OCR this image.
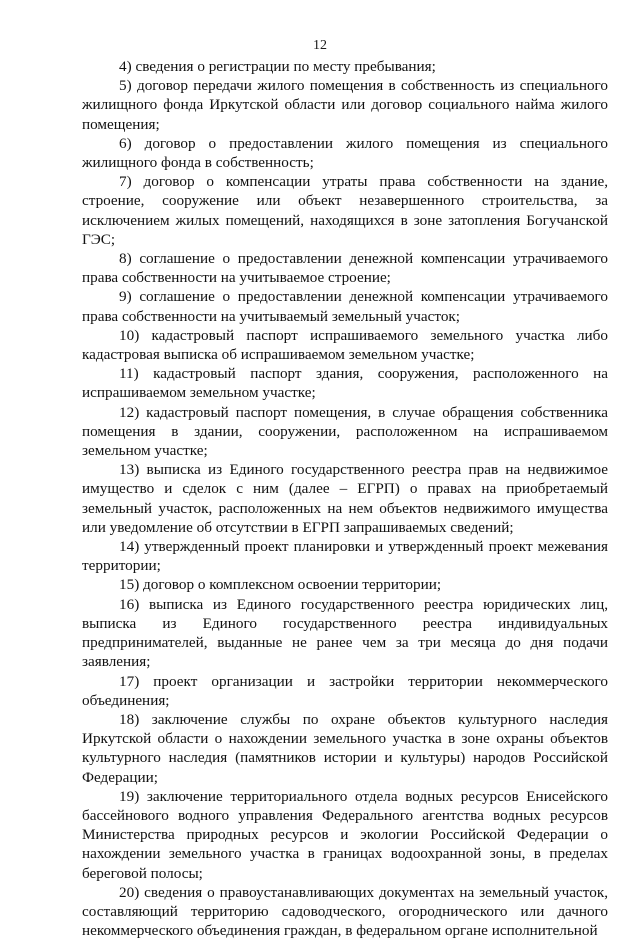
12

4) сведения о регистрации по месту пребывания;

5) договор передачи жилого помещения в собственность из специального жилищного фонда Иркутской области или договор социального найма жилого помещения;

6) договор о предоставлении жилого помещения из специального жилищного фонда в собственность;

7) договор о компенсации утраты права собственности на здание, строение, сооружение или объект незавершенного строительства, за исключением жилых помещений, находящихся в зоне затопления Богучанской ГЭС;

8) соглашение о предоставлении денежной компенсации утрачиваемого права собственности на учитываемое строение;

9) соглашение о предоставлении денежной компенсации утрачиваемого права собственности на учитываемый земельный участок;

10) кадастровый паспорт испрашиваемого земельного участка либо кадастровая выписка об испрашиваемом земельном участке;

11) кадастровый паспорт здания, сооружения, расположенного на испрашиваемом земельном участке;

12) кадастровый паспорт помещения, в случае обращения собственника помещения в здании, сооружении, расположенном на испрашиваемом земельном участке;

13) выписка из Единого государственного реестра прав на недвижимое имущество и сделок с ним (далее – ЕГРП) о правах на приобретаемый земельный участок, расположенных на нем объектов недвижимого имущества или уведомление об отсутствии в ЕГРП запрашиваемых сведений;

14) утвержденный проект планировки и утвержденный проект межевания территории;

15) договор о комплексном освоении территории;

16) выписка из Единого государственного реестра юридических лиц, выписка из Единого государственного реестра индивидуальных предпринимателей, выданные не ранее чем за три месяца до дня подачи заявления;

17) проект организации и застройки территории некоммерческого объединения;

18) заключение службы по охране объектов культурного наследия Иркутской области о нахождении земельного участка в зоне охраны объектов культурного наследия (памятников истории и культуры) народов Российской Федерации;

19) заключение территориального отдела водных ресурсов Енисейского бассейнового водного управления Федерального агентства водных ресурсов Министерства природных ресурсов и экологии Российской Федерации о нахождении земельного участка в границах водоохранной зоны, в пределах береговой полосы;

20) сведения о правоустанавливающих документах на земельный участок, составляющий территорию садоводческого, огороднического или дачного некоммерческого объединения граждан, в федеральном органе исполнительной
